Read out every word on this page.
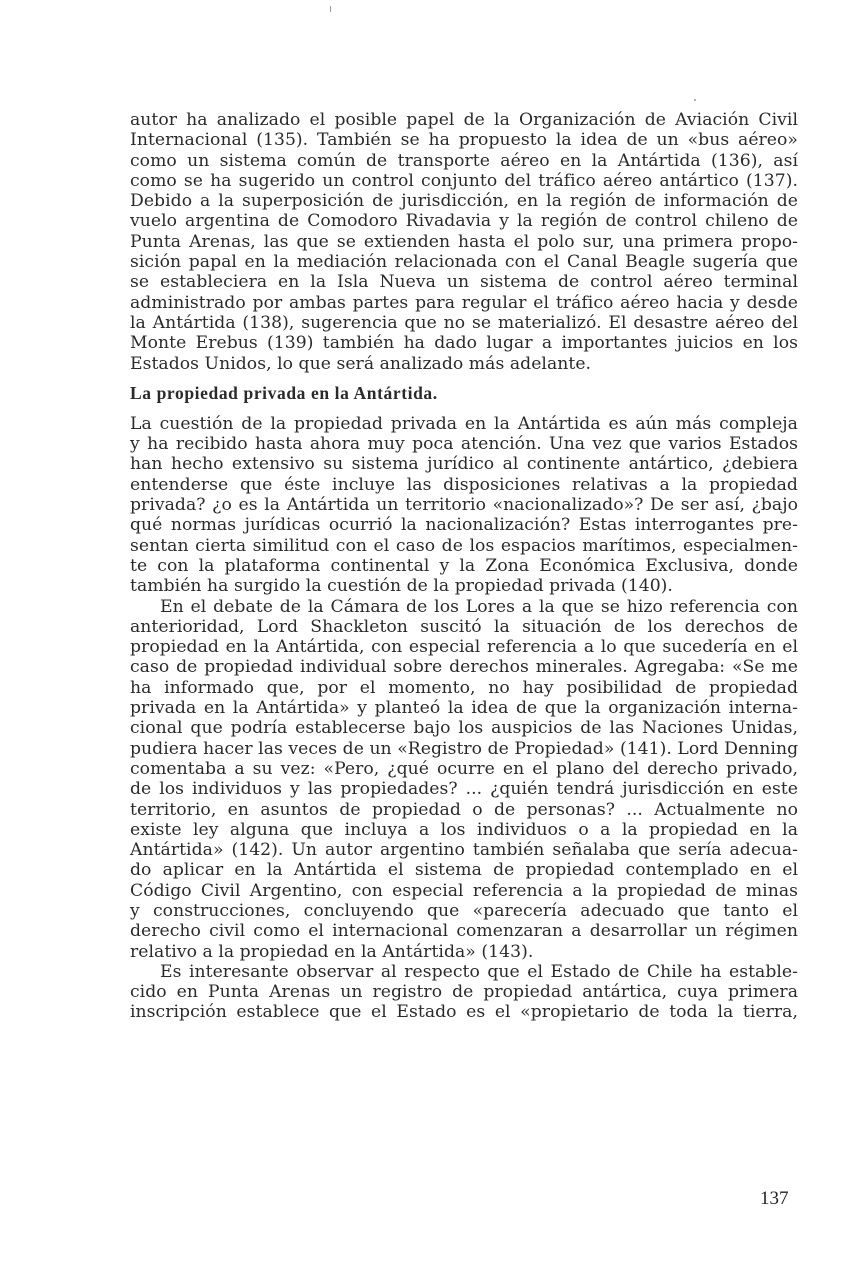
autor ha analizado el posible papel de la Organización de Aviación Civil
Internacional (135). También se ha propuesto la idea de un «bus aéreo»
como un sistema común de transporte aéreo en la Antártida (136), así
como se ha sugerido un control conjunto del tráfico aéreo antártico (137).
Debido a la superposición de jurisdicción, en la región de información de
vuelo argentina de Comodoro Rivadavia y la región de control chileno de
Punta Arenas, las que se extienden hasta el polo sur, una primera propo-
sición papal en la mediación relacionada con el Canal Beagle sugería que
se estableciera en la Isla Nueva un sistema de control aéreo terminal
administrado por ambas partes para regular el tráfico aéreo hacia y desde
la Antártida (138), sugerencia que no se materializó. El desastre aéreo del
Monte Erebus (139) también ha dado lugar a importantes juicios en los
Estados Unidos, lo que será analizado más adelante.
La propiedad privada en la Antártida.
La cuestión de la propiedad privada en la Antártida es aún más compleja
y ha recibido hasta ahora muy poca atención. Una vez que varios Estados
han hecho extensivo su sistema jurídico al continente antártico, ¿debiera
entenderse que éste incluye las disposiciones relativas a la propiedad
privada? ¿o es la Antártida un territorio «nacionalizado»? De ser así, ¿bajo
qué normas jurídicas ocurrió la nacionalización? Estas interrogantes pre-
sentan cierta similitud con el caso de los espacios marítimos, especialmen-
te con la plataforma continental y la Zona Económica Exclusiva, donde
también ha surgido la cuestión de la propiedad privada (140).
En el debate de la Cámara de los Lores a la que se hizo referencia con
anterioridad, Lord Shackleton suscitó la situación de los derechos de
propiedad en la Antártida, con especial referencia a lo que sucedería en el
caso de propiedad individual sobre derechos minerales. Agregaba: «Se me
ha informado que, por el momento, no hay posibilidad de propiedad
privada en la Antártida» y planteó la idea de que la organización interna-
cional que podría establecerse bajo los auspicios de las Naciones Unidas,
pudiera hacer las veces de un «Registro de Propiedad» (141). Lord Denning
comentaba a su vez: «Pero, ¿qué ocurre en el plano del derecho privado,
de los individuos y las propiedades? ... ¿quién tendrá jurisdicción en este
territorio, en asuntos de propiedad o de personas? ... Actualmente no
existe ley alguna que incluya a los individuos o a la propiedad en la
Antártida» (142). Un autor argentino también señalaba que sería adecua-
do aplicar en la Antártida el sistema de propiedad contemplado en el
Código Civil Argentino, con especial referencia a la propiedad de minas
y construcciones, concluyendo que «parecería adecuado que tanto el
derecho civil como el internacional comenzaran a desarrollar un régimen
relativo a la propiedad en la Antártida» (143).
Es interesante observar al respecto que el Estado de Chile ha estable-
cido en Punta Arenas un registro de propiedad antártica, cuya primera
inscripción establece que el Estado es el «propietario de toda la tierra,
137
